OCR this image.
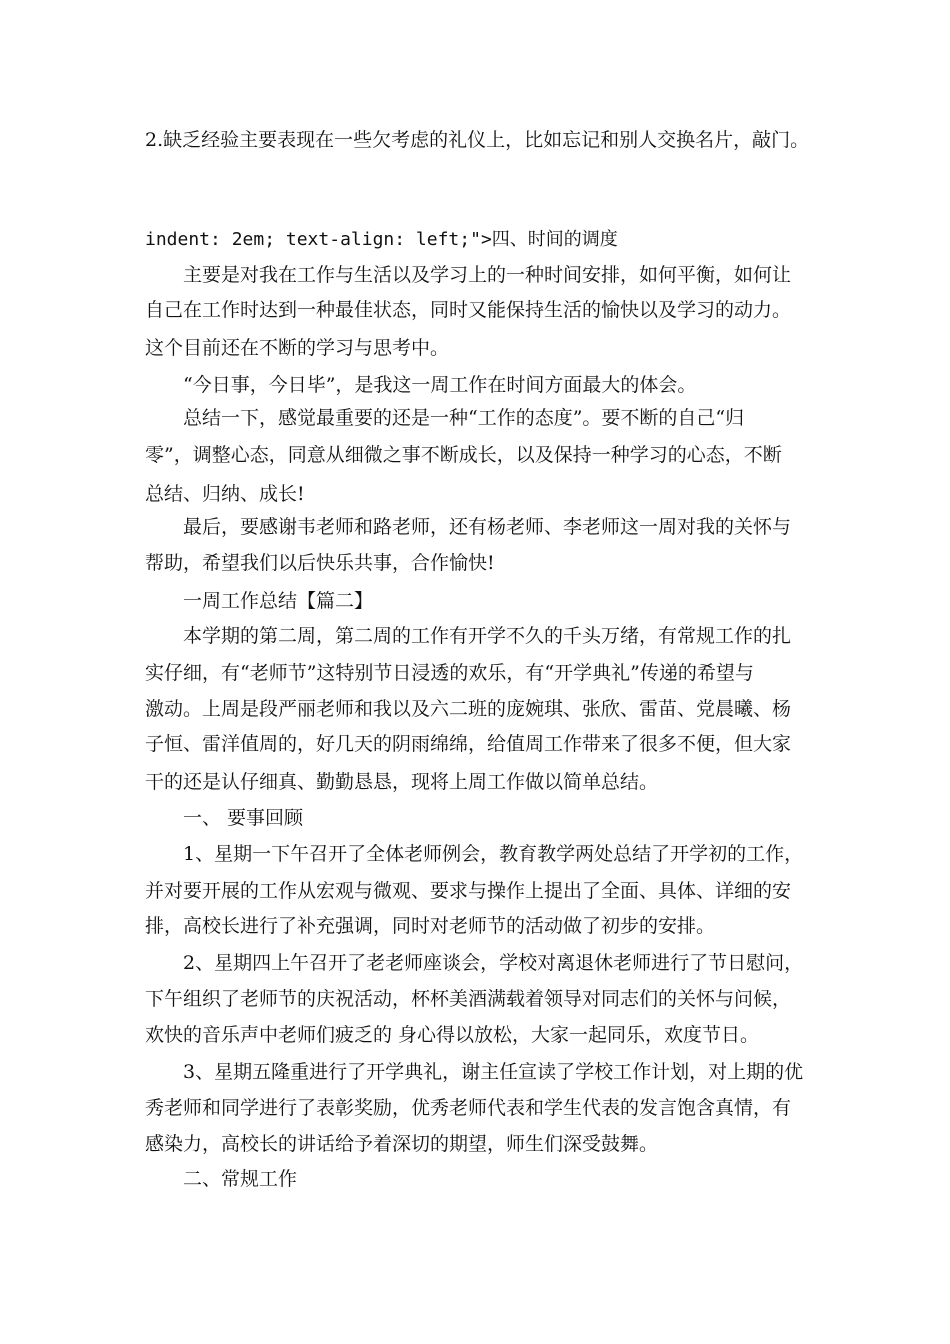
2.缺乏经验主要表现在一些欠考虑的礼仪上，比如忘记和别人交换名片，敲门。

indent: 2em; text-align: left;">四、时间的调度

主要是对我在工作与生活以及学习上的一种时间安排，如何平衡，如何让

自己在工作时达到一种最佳状态，同时又能保持生活的愉快以及学习的动力。

这个目前还在不断的学习与思考中。

“今日事，今日毕”，是我这一周工作在时间方面最大的体会。

总结一下，感觉最重要的还是一种“工作的态度”。要不断的自己“归

零”，调整心态，同意从细微之事不断成长，以及保持一种学习的心态，不断

总结、归纳、成长!

最后，要感谢韦老师和路老师，还有杨老师、李老师这一周对我的关怀与

帮助，希望我们以后快乐共事，合作愉快!

一周工作总结【篇二】

本学期的第二周，第二周的工作有开学不久的千头万绪，有常规工作的扎

实仔细，有“老师节”这特别节日浸透的欢乐，有“开学典礼”传递的希望与

激动。上周是段严丽老师和我以及六二班的庞婉琪、张欣、雷苗、党晨曦、杨

子恒、雷洋值周的，好几天的阴雨绵绵，给值周工作带来了很多不便，但大家

干的还是认仔细真、勤勤恳恳，现将上周工作做以简单总结。

一、 要事回顾

1、星期一下午召开了全体老师例会，教育教学两处总结了开学初的工作，

并对要开展的工作从宏观与微观、要求与操作上提出了全面、具体、详细的安

排，高校长进行了补充强调，同时对老师节的活动做了初步的安排。

2、星期四上午召开了老老师座谈会，学校对离退休老师进行了节日慰问，

下午组织了老师节的庆祝活动，杯杯美酒满载着领导对同志们的关怀与问候，

欢快的音乐声中老师们疲乏的 身心得以放松，大家一起同乐，欢度节日。

3、星期五隆重进行了开学典礼，谢主任宣读了学校工作计划，对上期的优

秀老师和同学进行了表彰奖励，优秀老师代表和学生代表的发言饱含真情，有

感染力，高校长的讲话给予着深切的期望，师生们深受鼓舞。

二、常规工作
